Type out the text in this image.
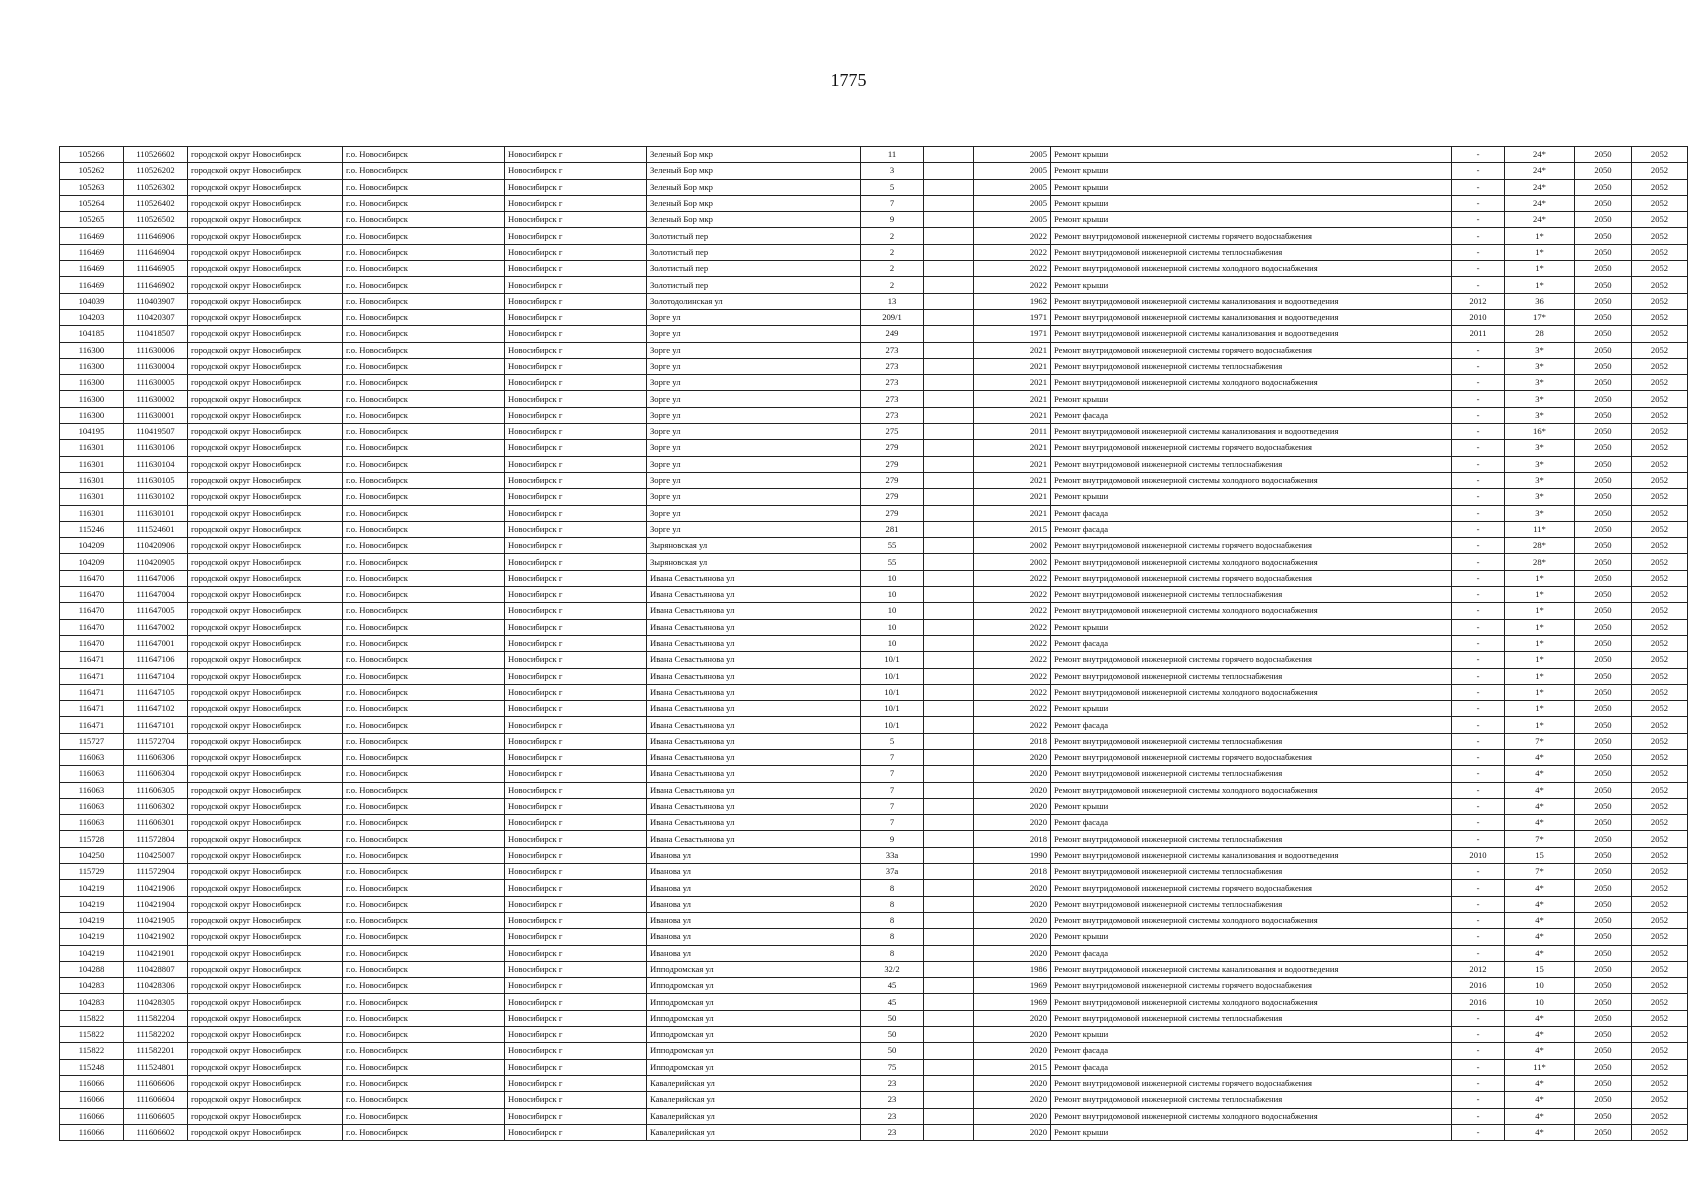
1775
105266	110526602	городской округ Новосибирск	г.о. Новосибирск	Новосибирск г	Зеленый Бор мкр	11		2005	Ремонт крыши	-	24*	2050	2052
105262	110526202	городской округ Новосибирск	г.о. Новосибирск	Новосибирск г	Зеленый Бор мкр	3		2005	Ремонт крыши	-	24*	2050	2052
105263	110526302	городской округ Новосибирск	г.о. Новосибирск	Новосибирск г	Зеленый Бор мкр	5		2005	Ремонт крыши	-	24*	2050	2052
105264	110526402	городской округ Новосибирск	г.о. Новосибирск	Новосибирск г	Зеленый Бор мкр	7		2005	Ремонт крыши	-	24*	2050	2052
105265	110526502	городской округ Новосибирск	г.о. Новосибирск	Новосибирск г	Зеленый Бор мкр	9		2005	Ремонт крыши	-	24*	2050	2052
116469	111646906	городской округ Новосибирск	г.о. Новосибирск	Новосибирск г	Золотистый пер	2		2022	Ремонт внутридомовой инженерной системы горячего водоснабжения	-	1*	2050	2052
116469	111646904	городской округ Новосибирск	г.о. Новосибирск	Новосибирск г	Золотистый пер	2		2022	Ремонт внутридомовой инженерной системы теплоснабжения	-	1*	2050	2052
116469	111646905	городской округ Новосибирск	г.о. Новосибирск	Новосибирск г	Золотистый пер	2		2022	Ремонт внутридомовой инженерной системы холодного водоснабжения	-	1*	2050	2052
116469	111646902	городской округ Новосибирск	г.о. Новосибирск	Новосибирск г	Золотистый пер	2		2022	Ремонт крыши	-	1*	2050	2052
104039	110403907	городской округ Новосибирск	г.о. Новосибирск	Новосибирск г	Золотодолинская ул	13		1962	Ремонт внутридомовой инженерной системы канализования и водоотведения	2012	36	2050	2052
104203	110420307	городской округ Новосибирск	г.о. Новосибирск	Новосибирск г	Зорге ул	209/1		1971	Ремонт внутридомовой инженерной системы канализования и водоотведения	2010	17*	2050	2052
104185	110418507	городской округ Новосибирск	г.о. Новосибирск	Новосибирск г	Зорге ул	249		1971	Ремонт внутридомовой инженерной системы канализования и водоотведения	2011	28	2050	2052
116300	111630006	городской округ Новосибирск	г.о. Новосибирск	Новосибирск г	Зорге ул	273		2021	Ремонт внутридомовой инженерной системы горячего водоснабжения	-	3*	2050	2052
116300	111630004	городской округ Новосибирск	г.о. Новосибирск	Новосибирск г	Зорге ул	273		2021	Ремонт внутридомовой инженерной системы теплоснабжения	-	3*	2050	2052
116300	111630005	городской округ Новосибирск	г.о. Новосибирск	Новосибирск г	Зорге ул	273		2021	Ремонт внутридомовой инженерной системы холодного водоснабжения	-	3*	2050	2052
116300	111630002	городской округ Новосибирск	г.о. Новосибирск	Новосибирск г	Зорге ул	273		2021	Ремонт крыши	-	3*	2050	2052
116300	111630001	городской округ Новосибирск	г.о. Новосибирск	Новосибирск г	Зорге ул	273		2021	Ремонт фасада	-	3*	2050	2052
104195	110419507	городской округ Новосибирск	г.о. Новосибирск	Новосибирск г	Зорге ул	275		2011	Ремонт внутридомовой инженерной системы канализования и водоотведения	-	16*	2050	2052
116301	111630106	городской округ Новосибирск	г.о. Новосибирск	Новосибирск г	Зорге ул	279		2021	Ремонт внутридомовой инженерной системы горячего водоснабжения	-	3*	2050	2052
116301	111630104	городской округ Новосибирск	г.о. Новосибирск	Новосибирск г	Зорге ул	279		2021	Ремонт внутридомовой инженерной системы теплоснабжения	-	3*	2050	2052
116301	111630105	городской округ Новосибирск	г.о. Новосибирск	Новосибирск г	Зорге ул	279		2021	Ремонт внутридомовой инженерной системы холодного водоснабжения	-	3*	2050	2052
116301	111630102	городской округ Новосибирск	г.о. Новосибирск	Новосибирск г	Зорге ул	279		2021	Ремонт крыши	-	3*	2050	2052
116301	111630101	городской округ Новосибирск	г.о. Новосибирск	Новосибирск г	Зорге ул	279		2021	Ремонт фасада	-	3*	2050	2052
115246	111524601	городской округ Новосибирск	г.о. Новосибирск	Новосибирск г	Зорге ул	281		2015	Ремонт фасада	-	11*	2050	2052
104209	110420906	городской округ Новосибирск	г.о. Новосибирск	Новосибирск г	Зыряновская ул	55		2002	Ремонт внутридомовой инженерной системы горячего водоснабжения	-	28*	2050	2052
104209	110420905	городской округ Новосибирск	г.о. Новосибирск	Новосибирск г	Зыряновская ул	55		2002	Ремонт внутридомовой инженерной системы холодного водоснабжения	-	28*	2050	2052
116470	111647006	городской округ Новосибирск	г.о. Новосибирск	Новосибирск г	Ивана Севастьянова ул	10		2022	Ремонт внутридомовой инженерной системы горячего водоснабжения	-	1*	2050	2052
116470	111647004	городской округ Новосибирск	г.о. Новосибирск	Новосибирск г	Ивана Севастьянова ул	10		2022	Ремонт внутридомовой инженерной системы теплоснабжения	-	1*	2050	2052
116470	111647005	городской округ Новосибирск	г.о. Новосибирск	Новосибирск г	Ивана Севастьянова ул	10		2022	Ремонт внутридомовой инженерной системы холодного водоснабжения	-	1*	2050	2052
116470	111647002	городской округ Новосибирск	г.о. Новосибирск	Новосибирск г	Ивана Севастьянова ул	10		2022	Ремонт крыши	-	1*	2050	2052
116470	111647001	городской округ Новосибирск	г.о. Новосибирск	Новосибирск г	Ивана Севастьянова ул	10		2022	Ремонт фасада	-	1*	2050	2052
116471	111647106	городской округ Новосибирск	г.о. Новосибирск	Новосибирск г	Ивана Севастьянова ул	10/1		2022	Ремонт внутридомовой инженерной системы горячего водоснабжения	-	1*	2050	2052
116471	111647104	городской округ Новосибирск	г.о. Новосибирск	Новосибирск г	Ивана Севастьянова ул	10/1		2022	Ремонт внутридомовой инженерной системы теплоснабжения	-	1*	2050	2052
116471	111647105	городской округ Новосибирск	г.о. Новосибирск	Новосибирск г	Ивана Севастьянова ул	10/1		2022	Ремонт внутридомовой инженерной системы холодного водоснабжения	-	1*	2050	2052
116471	111647102	городской округ Новосибирск	г.о. Новосибирск	Новосибирск г	Ивана Севастьянова ул	10/1		2022	Ремонт крыши	-	1*	2050	2052
116471	111647101	городской округ Новосибирск	г.о. Новосибирск	Новосибирск г	Ивана Севастьянова ул	10/1		2022	Ремонт фасада	-	1*	2050	2052
115727	111572704	городской округ Новосибирск	г.о. Новосибирск	Новосибирск г	Ивана Севастьянова ул	5		2018	Ремонт внутридомовой инженерной системы теплоснабжения	-	7*	2050	2052
116063	111606306	городской округ Новосибирск	г.о. Новосибирск	Новосибирск г	Ивана Севастьянова ул	7		2020	Ремонт внутридомовой инженерной системы горячего водоснабжения	-	4*	2050	2052
116063	111606304	городской округ Новосибирск	г.о. Новосибирск	Новосибирск г	Ивана Севастьянова ул	7		2020	Ремонт внутридомовой инженерной системы теплоснабжения	-	4*	2050	2052
116063	111606305	городской округ Новосибирск	г.о. Новосибирск	Новосибирск г	Ивана Севастьянова ул	7		2020	Ремонт внутридомовой инженерной системы холодного водоснабжения	-	4*	2050	2052
116063	111606302	городской округ Новосибирск	г.о. Новосибирск	Новосибирск г	Ивана Севастьянова ул	7		2020	Ремонт крыши	-	4*	2050	2052
116063	111606301	городской округ Новосибирск	г.о. Новосибирск	Новосибирск г	Ивана Севастьянова ул	7		2020	Ремонт фасада	-	4*	2050	2052
115728	111572804	городской округ Новосибирск	г.о. Новосибирск	Новосибирск г	Ивана Севастьянова ул	9		2018	Ремонт внутридомовой инженерной системы теплоснабжения	-	7*	2050	2052
104250	110425007	городской округ Новосибирск	г.о. Новосибирск	Новосибирск г	Иванова ул	33а		1990	Ремонт внутридомовой инженерной системы канализования и водоотведения	2010	15	2050	2052
115729	111572904	городской округ Новосибирск	г.о. Новосибирск	Новосибирск г	Иванова ул	37а		2018	Ремонт внутридомовой инженерной системы теплоснабжения	-	7*	2050	2052
104219	110421906	городской округ Новосибирск	г.о. Новосибирск	Новосибирск г	Иванова ул	8		2020	Ремонт внутридомовой инженерной системы горячего водоснабжения	-	4*	2050	2052
104219	110421904	городской округ Новосибирск	г.о. Новосибирск	Новосибирск г	Иванова ул	8		2020	Ремонт внутридомовой инженерной системы теплоснабжения	-	4*	2050	2052
104219	110421905	городской округ Новосибирск	г.о. Новосибирск	Новосибирск г	Иванова ул	8		2020	Ремонт внутридомовой инженерной системы холодного водоснабжения	-	4*	2050	2052
104219	110421902	городской округ Новосибирск	г.о. Новосибирск	Новосибирск г	Иванова ул	8		2020	Ремонт крыши	-	4*	2050	2052
104219	110421901	городской округ Новосибирск	г.о. Новосибирск	Новосибирск г	Иванова ул	8		2020	Ремонт фасада	-	4*	2050	2052
104288	110428807	городской округ Новосибирск	г.о. Новосибирск	Новосибирск г	Ипподромская ул	32/2		1986	Ремонт внутридомовой инженерной системы канализования и водоотведения	2012	15	2050	2052
104283	110428306	городской округ Новосибирск	г.о. Новосибирск	Новосибирск г	Ипподромская ул	45		1969	Ремонт внутридомовой инженерной системы горячего водоснабжения	2016	10	2050	2052
104283	110428305	городской округ Новосибирск	г.о. Новосибирск	Новосибирск г	Ипподромская ул	45		1969	Ремонт внутридомовой инженерной системы холодного водоснабжения	2016	10	2050	2052
115822	111582204	городской округ Новосибирск	г.о. Новосибирск	Новосибирск г	Ипподромская ул	50		2020	Ремонт внутридомовой инженерной системы теплоснабжения	-	4*	2050	2052
115822	111582202	городской округ Новосибирск	г.о. Новосибирск	Новосибирск г	Ипподромская ул	50		2020	Ремонт крыши	-	4*	2050	2052
115822	111582201	городской округ Новосибирск	г.о. Новосибирск	Новосибирск г	Ипподромская ул	50		2020	Ремонт фасада	-	4*	2050	2052
115248	111524801	городской округ Новосибирск	г.о. Новосибирск	Новосибирск г	Ипподромская ул	75		2015	Ремонт фасада	-	11*	2050	2052
116066	111606606	городской округ Новосибирск	г.о. Новосибирск	Новосибирск г	Кавалерийская ул	23		2020	Ремонт внутридомовой инженерной системы горячего водоснабжения	-	4*	2050	2052
116066	111606604	городской округ Новосибирск	г.о. Новосибирск	Новосибирск г	Кавалерийская ул	23		2020	Ремонт внутридомовой инженерной системы теплоснабжения	-	4*	2050	2052
116066	111606605	городской округ Новосибирск	г.о. Новосибирск	Новосибирск г	Кавалерийская ул	23		2020	Ремонт внутридомовой инженерной системы холодного водоснабжения	-	4*	2050	2052
116066	111606602	городской округ Новосибирск	г.о. Новосибирск	Новосибирск г	Кавалерийская ул	23		2020	Ремонт крыши	-	4*	2050	2052
